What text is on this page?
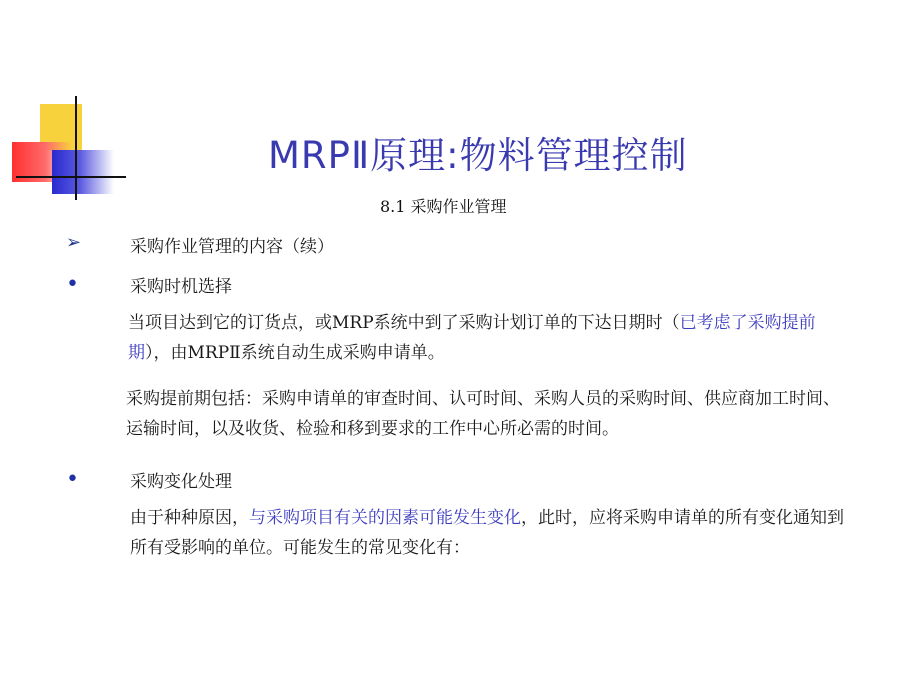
MRPⅡ原理:物料管理控制
8.1 采购作业管理
➢	采购作业管理的内容（续）
•	采购时机选择
当项目达到它的订货点，或MRP系统中到了采购计划订单的下达日期时（已考虑了采购提前期），由MRPⅡ系统自动生成采购申请单。
采购提前期包括：采购申请单的审查时间、认可时间、采购人员的采购时间、供应商加工时间、运输时间，以及收货、检验和移到要求的工作中心所必需的时间。
•	采购变化处理
由于种种原因，与采购项目有关的因素可能发生变化，此时，应将采购申请单的所有变化通知到所有受影响的单位。可能发生的常见变化有：
